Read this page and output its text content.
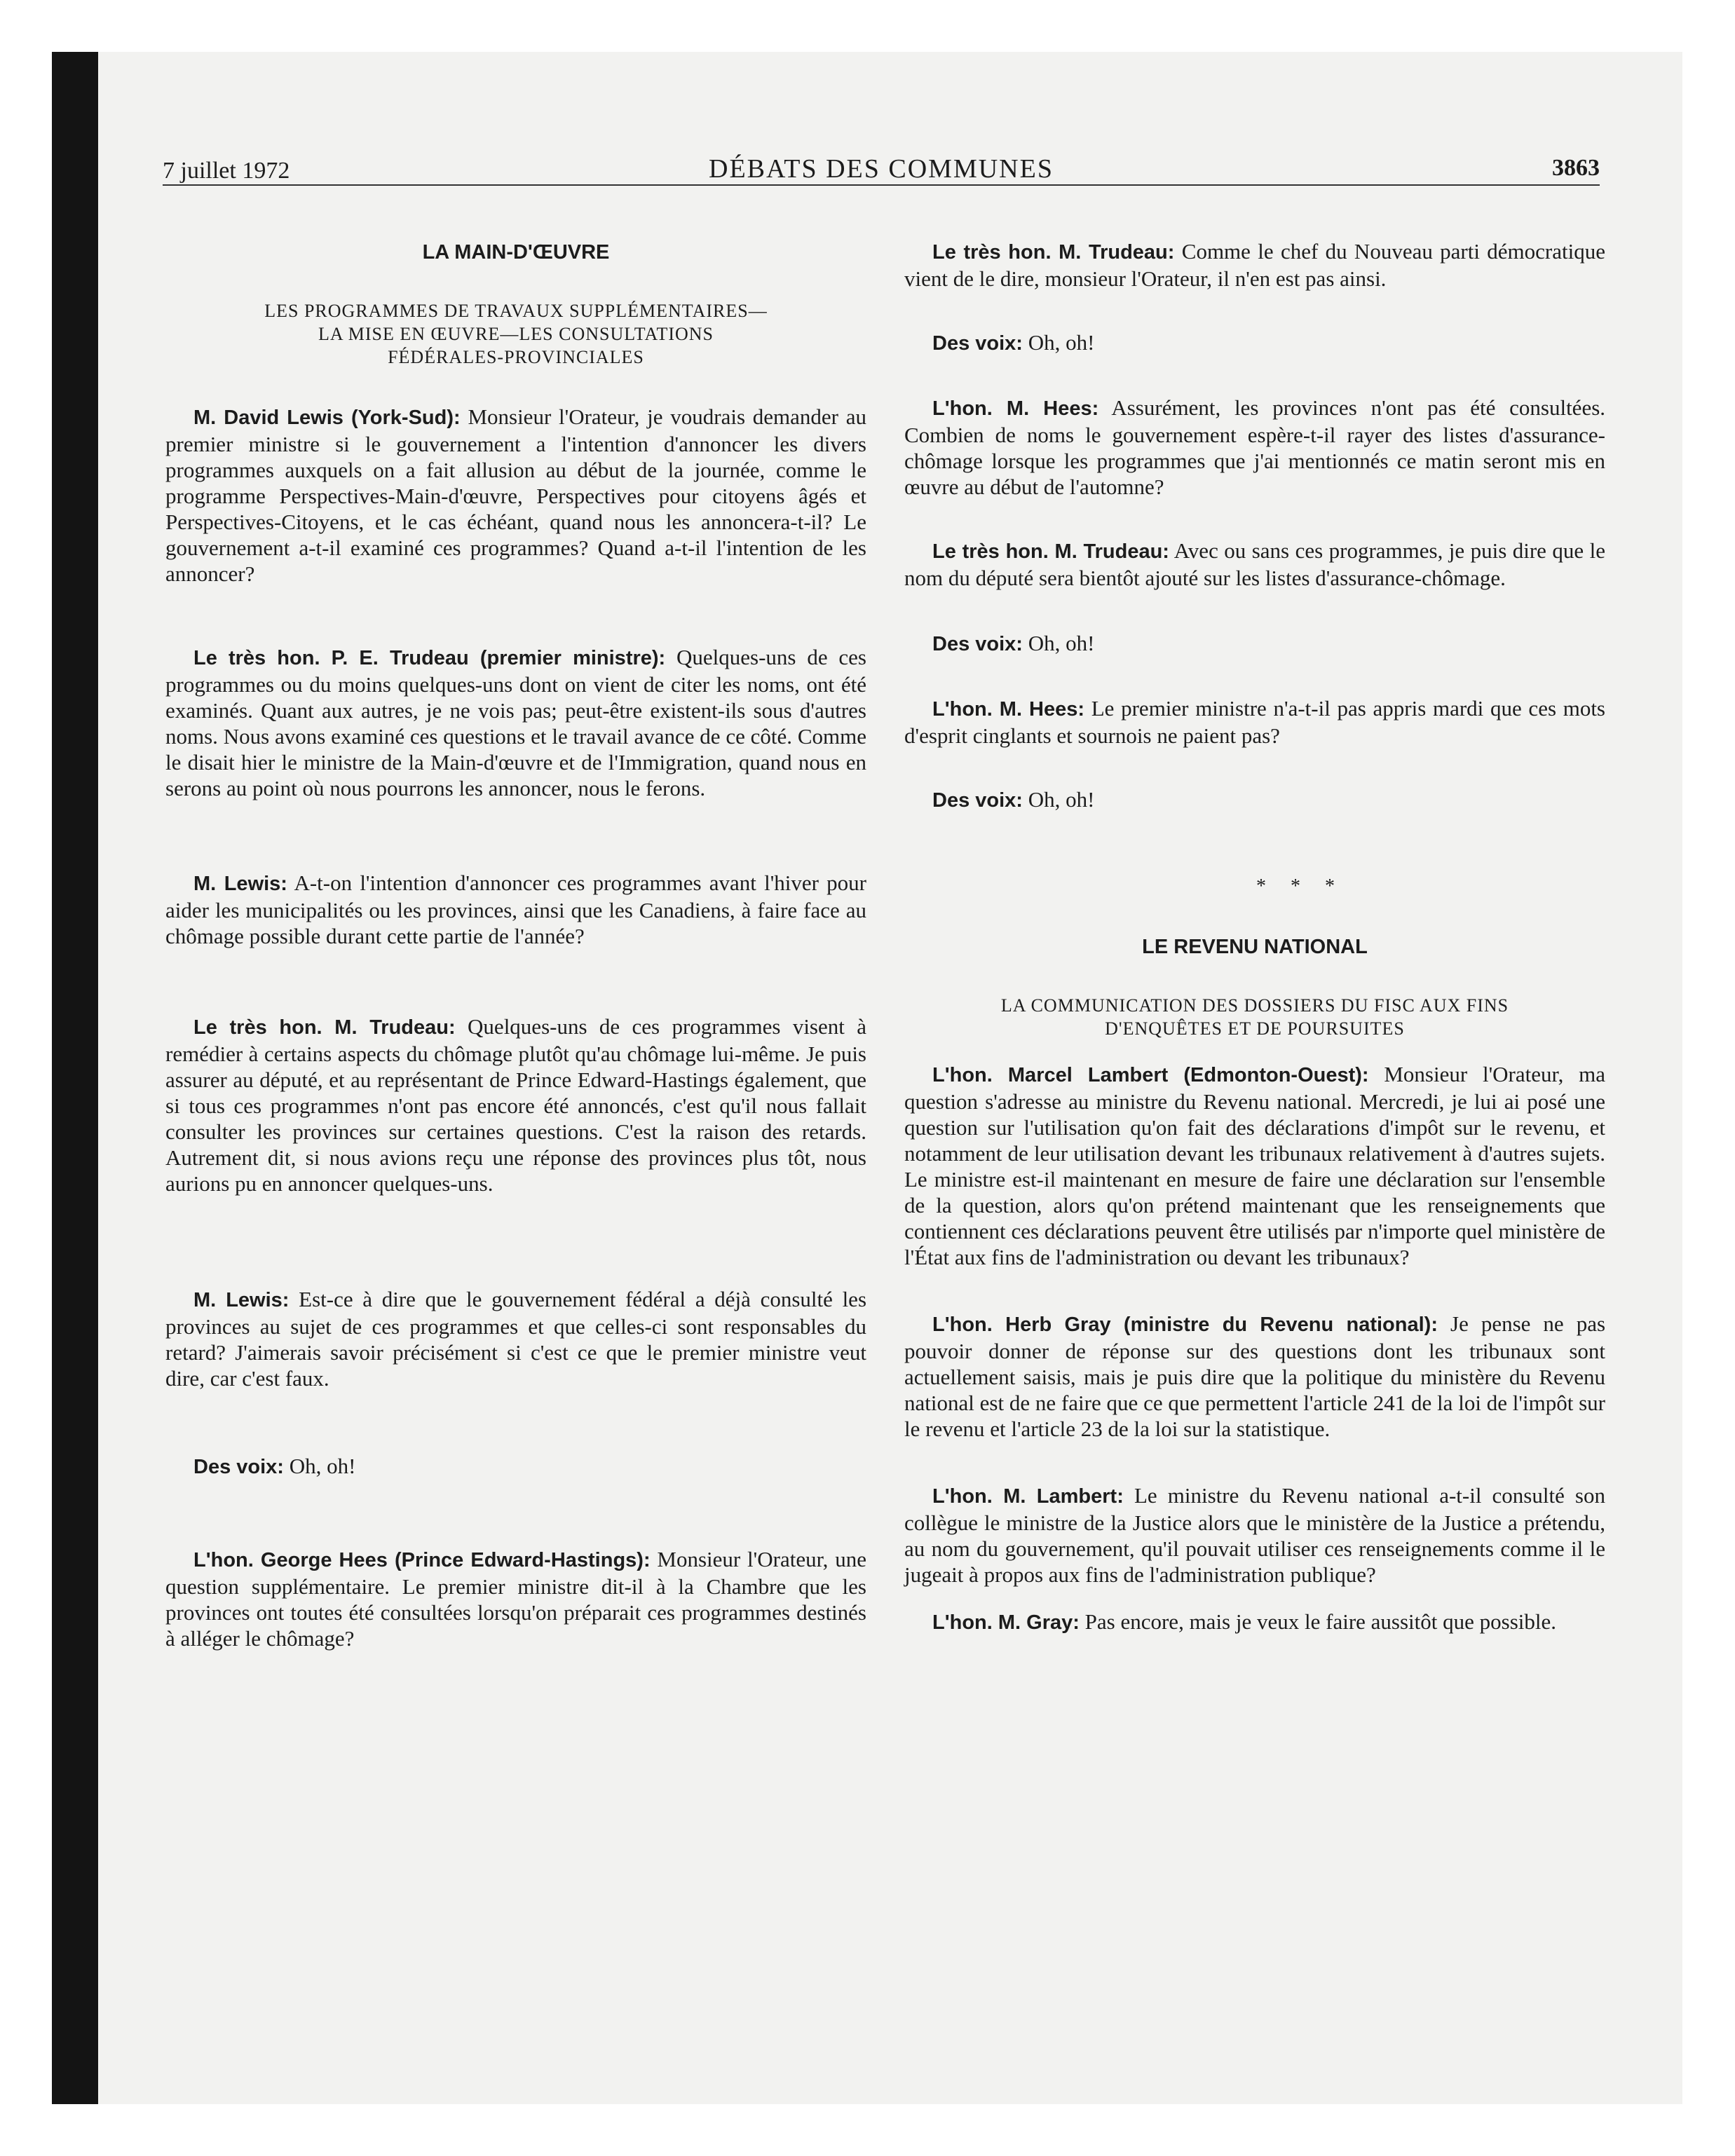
7 juillet 1972	DÉBATS DES COMMUNES	3863
LA MAIN-D'ŒUVRE
LES PROGRAMMES DE TRAVAUX SUPPLÉMENTAIRES—
LA MISE EN ŒUVRE—LES CONSULTATIONS
FÉDÉRALES-PROVINCIALES

M. David Lewis (York-Sud): Monsieur l'Orateur, je voudrais demander au premier ministre si le gouvernement a l'intention d'annoncer les divers programmes auxquels on a fait allusion au début de la journée, comme le programme Perspectives-Main-d'œuvre, Perspectives pour citoyens âgés et Perspectives-Citoyens, et le cas échéant, quand nous les annoncera-t-il? Le gouvernement a-t-il examiné ces programmes? Quand a-t-il l'intention de les annoncer?

Le très hon. P. E. Trudeau (premier ministre): Quelques-uns de ces programmes ou du moins quelques-uns dont on vient de citer les noms, ont été examinés. Quant aux autres, je ne vois pas; peut-être existent-ils sous d'autres noms. Nous avons examiné ces questions et le travail avance de ce côté. Comme le disait hier le ministre de la Main-d'œuvre et de l'Immigration, quand nous en serons au point où nous pourrons les annoncer, nous le ferons.

M. Lewis: A-t-on l'intention d'annoncer ces programmes avant l'hiver pour aider les municipalités ou les provinces, ainsi que les Canadiens, à faire face au chômage possible durant cette partie de l'année?

Le très hon. M. Trudeau: Quelques-uns de ces programmes visent à remédier à certains aspects du chômage plutôt qu'au chômage lui-même. Je puis assurer au député, et au représentant de Prince Edward-Hastings également, que si tous ces programmes n'ont pas encore été annoncés, c'est qu'il nous fallait consulter les provinces sur certaines questions. C'est la raison des retards. Autrement dit, si nous avions reçu une réponse des provinces plus tôt, nous aurions pu en annoncer quelques-uns.

M. Lewis: Est-ce à dire que le gouvernement fédéral a déjà consulté les provinces au sujet de ces programmes et que celles-ci sont responsables du retard? J'aimerais savoir précisément si c'est ce que le premier ministre veut dire, car c'est faux.

Des voix: Oh, oh!

L'hon. George Hees (Prince Edward-Hastings): Monsieur l'Orateur, une question supplémentaire. Le premier ministre dit-il à la Chambre que les provinces ont toutes été consultées lorsqu'on préparait ces programmes destinés à alléger le chômage?

Le très hon. M. Trudeau: Comme le chef du Nouveau parti démocratique vient de le dire, monsieur l'Orateur, il n'en est pas ainsi.

Des voix: Oh, oh!

L'hon. M. Hees: Assurément, les provinces n'ont pas été consultées. Combien de noms le gouvernement espère-t-il rayer des listes d'assurance-chômage lorsque les programmes que j'ai mentionnés ce matin seront mis en œuvre au début de l'automne?

Le très hon. M. Trudeau: Avec ou sans ces programmes, je puis dire que le nom du député sera bientôt ajouté sur les listes d'assurance-chômage.

Des voix: Oh, oh!

L'hon. M. Hees: Le premier ministre n'a-t-il pas appris mardi que ces mots d'esprit cinglants et sournois ne paient pas?

Des voix: Oh, oh!

* * *
LE REVENU NATIONAL
LA COMMUNICATION DES DOSSIERS DU FISC AUX FINS
D'ENQUÊTES ET DE POURSUITES

L'hon. Marcel Lambert (Edmonton-Ouest): Monsieur l'Orateur, ma question s'adresse au ministre du Revenu national. Mercredi, je lui ai posé une question sur l'utilisation qu'on fait des déclarations d'impôt sur le revenu, et notamment de leur utilisation devant les tribunaux relativement à d'autres sujets. Le ministre est-il maintenant en mesure de faire une déclaration sur l'ensemble de la question, alors qu'on prétend maintenant que les renseignements que contiennent ces déclarations peuvent être utilisés par n'importe quel ministère de l'État aux fins de l'administration ou devant les tribunaux?

L'hon. Herb Gray (ministre du Revenu national): Je pense ne pas pouvoir donner de réponse sur des questions dont les tribunaux sont actuellement saisis, mais je puis dire que la politique du ministère du Revenu national est de ne faire que ce que permettent l'article 241 de la loi de l'impôt sur le revenu et l'article 23 de la loi sur la statistique.

L'hon. M. Lambert: Le ministre du Revenu national a-t-il consulté son collègue le ministre de la Justice alors que le ministère de la Justice a prétendu, au nom du gouvernement, qu'il pouvait utiliser ces renseignements comme il le jugeait à propos aux fins de l'administration publique?

L'hon. M. Gray: Pas encore, mais je veux le faire aussitôt que possible.
